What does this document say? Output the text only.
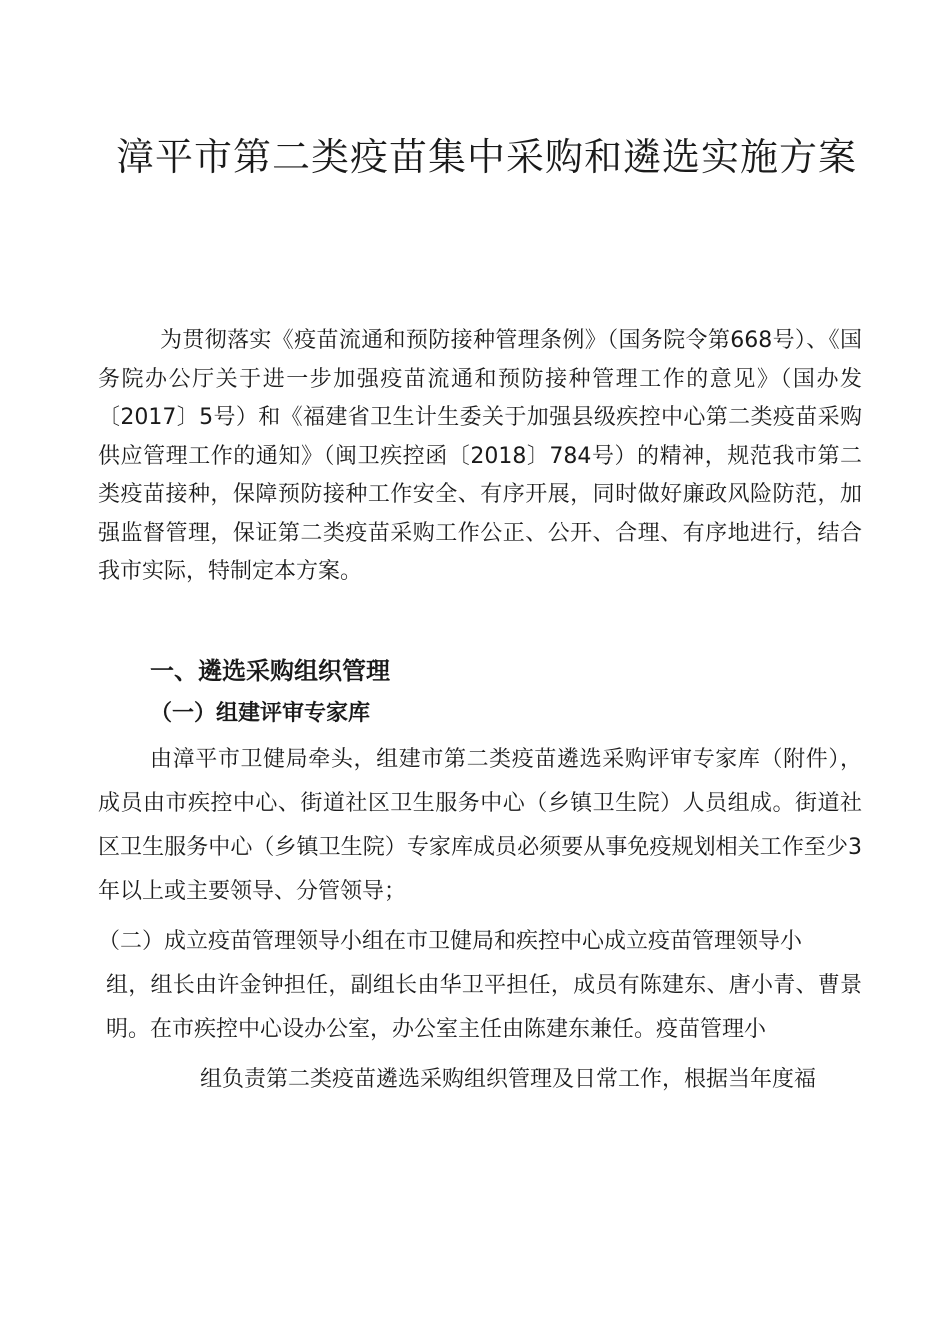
漳平市第二类疫苗集中采购和遴选实施方案

为贯彻落实《疫苗流通和预防接种管理条例》（国务院令第668号）、《国务院办公厅关于进一步加强疫苗流通和预防接种管理工作的意见》（国办发〔2017〕5号）和《福建省卫生计生委关于加强县级疾控中心第二类疫苗采购供应管理工作的通知》（闽卫疾控函〔2018〕784号）的精神，规范我市第二类疫苗接种，保障预防接种工作安全、有序开展，同时做好廉政风险防范，加强监督管理，保证第二类疫苗采购工作公正、公开、合理、有序地进行，结合我市实际，特制定本方案。

一、遴选采购组织管理
（一）组建评审专家库

由漳平市卫健局牵头，组建市第二类疫苗遴选采购评审专家库（附件），成员由市疾控中心、街道社区卫生服务中心（乡镇卫生院）人员组成。街道社区卫生服务中心（乡镇卫生院）专家库成员必须要从事免疫规划相关工作至少3年以上或主要领导、分管领导；

（二）成立疫苗管理领导小组在市卫健局和疾控中心成立疫苗管理领导小
组，组长由许金钟担任，副组长由华卫平担任，成员有陈建东、唐小青、曹景明。在市疾控中心设办公室，办公室主任由陈建东兼任。疫苗管理小

组负责第二类疫苗遴选采购组织管理及日常工作，根据当年度福
